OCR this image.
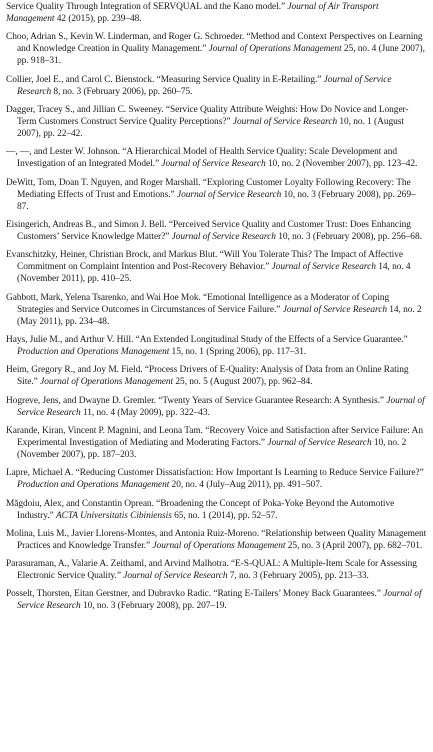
Service Quality Through Integration of SERVQUAL and the Kano model.” Journal of Air Transport Management 42 (2015), pp. 239–48.

Choo, Adrian S., Kevin W. Linderman, and Roger G. Schroeder. “Method and Context Perspectives on Learning and Knowledge Creation in Quality Management.” Journal of Operations Management 25, no. 4 (June 2007), pp. 918–31.

Collier, Joel E., and Carol C. Bienstock. “Measuring Service Quality in E-Retailing.” Journal of Service Research 8, no. 3 (February 2006), pp. 260–75.

Dagger, Tracey S., and Jillian C. Sweeney. “Service Quality Attribute Weights: How Do Novice and Longer-Term Customers Construct Service Quality Perceptions?” Journal of Service Research 10, no. 1 (August 2007), pp. 22–42.

—, —, and Lester W. Johnson. “A Hierarchical Model of Health Service Quality: Scale Development and Investigation of an Integrated Model.” Journal of Service Research 10, no. 2 (November 2007), pp. 123–42.

DeWitt, Tom, Doan T. Nguyen, and Roger Marshall. “Exploring Customer Loyalty Following Recovery: The Mediating Effects of Trust and Emotions.” Journal of Service Research 10, no. 3 (February 2008), pp. 269–87.

Eisingerich, Andreas B., and Simon J. Bell. “Perceived Service Quality and Customer Trust: Does Enhancing Customers’ Service Knowledge Matter?” Journal of Service Research 10, no. 3 (February 2008), pp. 256–68.

Evanschitzky, Heiner, Christian Brock, and Markus Blut. “Will You Tolerate This? The Impact of Affective Commitment on Complaint Intention and Post-Recovery Behavior.” Journal of Service Research 14, no. 4 (November 2011), pp. 410–25.

Gabbott, Mark, Yelena Tsarenko, and Wai Hoe Mok. “Emotional Intelligence as a Moderator of Coping Strategies and Service Outcomes in Circumstances of Service Failure.” Journal of Service Research 14, no. 2 (May 2011), pp. 234–48.

Hays, Julie M., and Arthur V. Hill. “An Extended Longitudinal Study of the Effects of a Service Guarantee.” Production and Operations Management 15, no. 1 (Spring 2006), pp. 117–31.

Heim, Gregory R., and Joy M. Field. “Process Drivers of E-Quality: Analysis of Data from an Online Rating Site.” Journal of Operations Management 25, no. 5 (August 2007), pp. 962–84.

Hogreve, Jens, and Dwayne D. Gremler. “Twenty Years of Service Guarantee Research: A Synthesis.” Journal of Service Research 11, no. 4 (May 2009), pp. 322–43.

Karande, Kiran, Vincent P. Magnini, and Leona Tam. “Recovery Voice and Satisfaction after Service Failure: An Experimental Investigation of Mediating and Moderating Factors.” Journal of Service Research 10, no. 2 (November 2007), pp. 187–203.

Lapre, Michael A. “Reducing Customer Dissatisfaction: How Important Is Learning to Reduce Service Failure?” Production and Operations Management 20, no. 4 (July–Aug 2011), pp. 491–507.

Măgdoiu, Alex, and Constantin Oprean. “Broadening the Concept of Poka-Yoke Beyond the Automotive Industry.” ACTA Universitatis Cibiniensis 65, no. 1 (2014), pp. 52–57.

Molina, Luis M., Javier Llorens-Montes, and Antonia Ruiz-Moreno. “Relationship between Quality Management Practices and Knowledge Transfer.” Journal of Operations Management 25, no. 3 (April 2007), pp. 682–701.

Parasuraman, A., Valarie A. Zeithaml, and Arvind Malhotra. “E-S-QUAL: A Multiple-Item Scale for Assessing Electronic Service Quality.” Journal of Service Research 7, no. 3 (February 2005), pp. 213–33.

Posselt, Thorsten, Eitan Gerstner, and Dubravko Radic. “Rating E-Tailers’ Money Back Guarantees.” Journal of Service Research 10, no. 3 (February 2008), pp. 207–19.
